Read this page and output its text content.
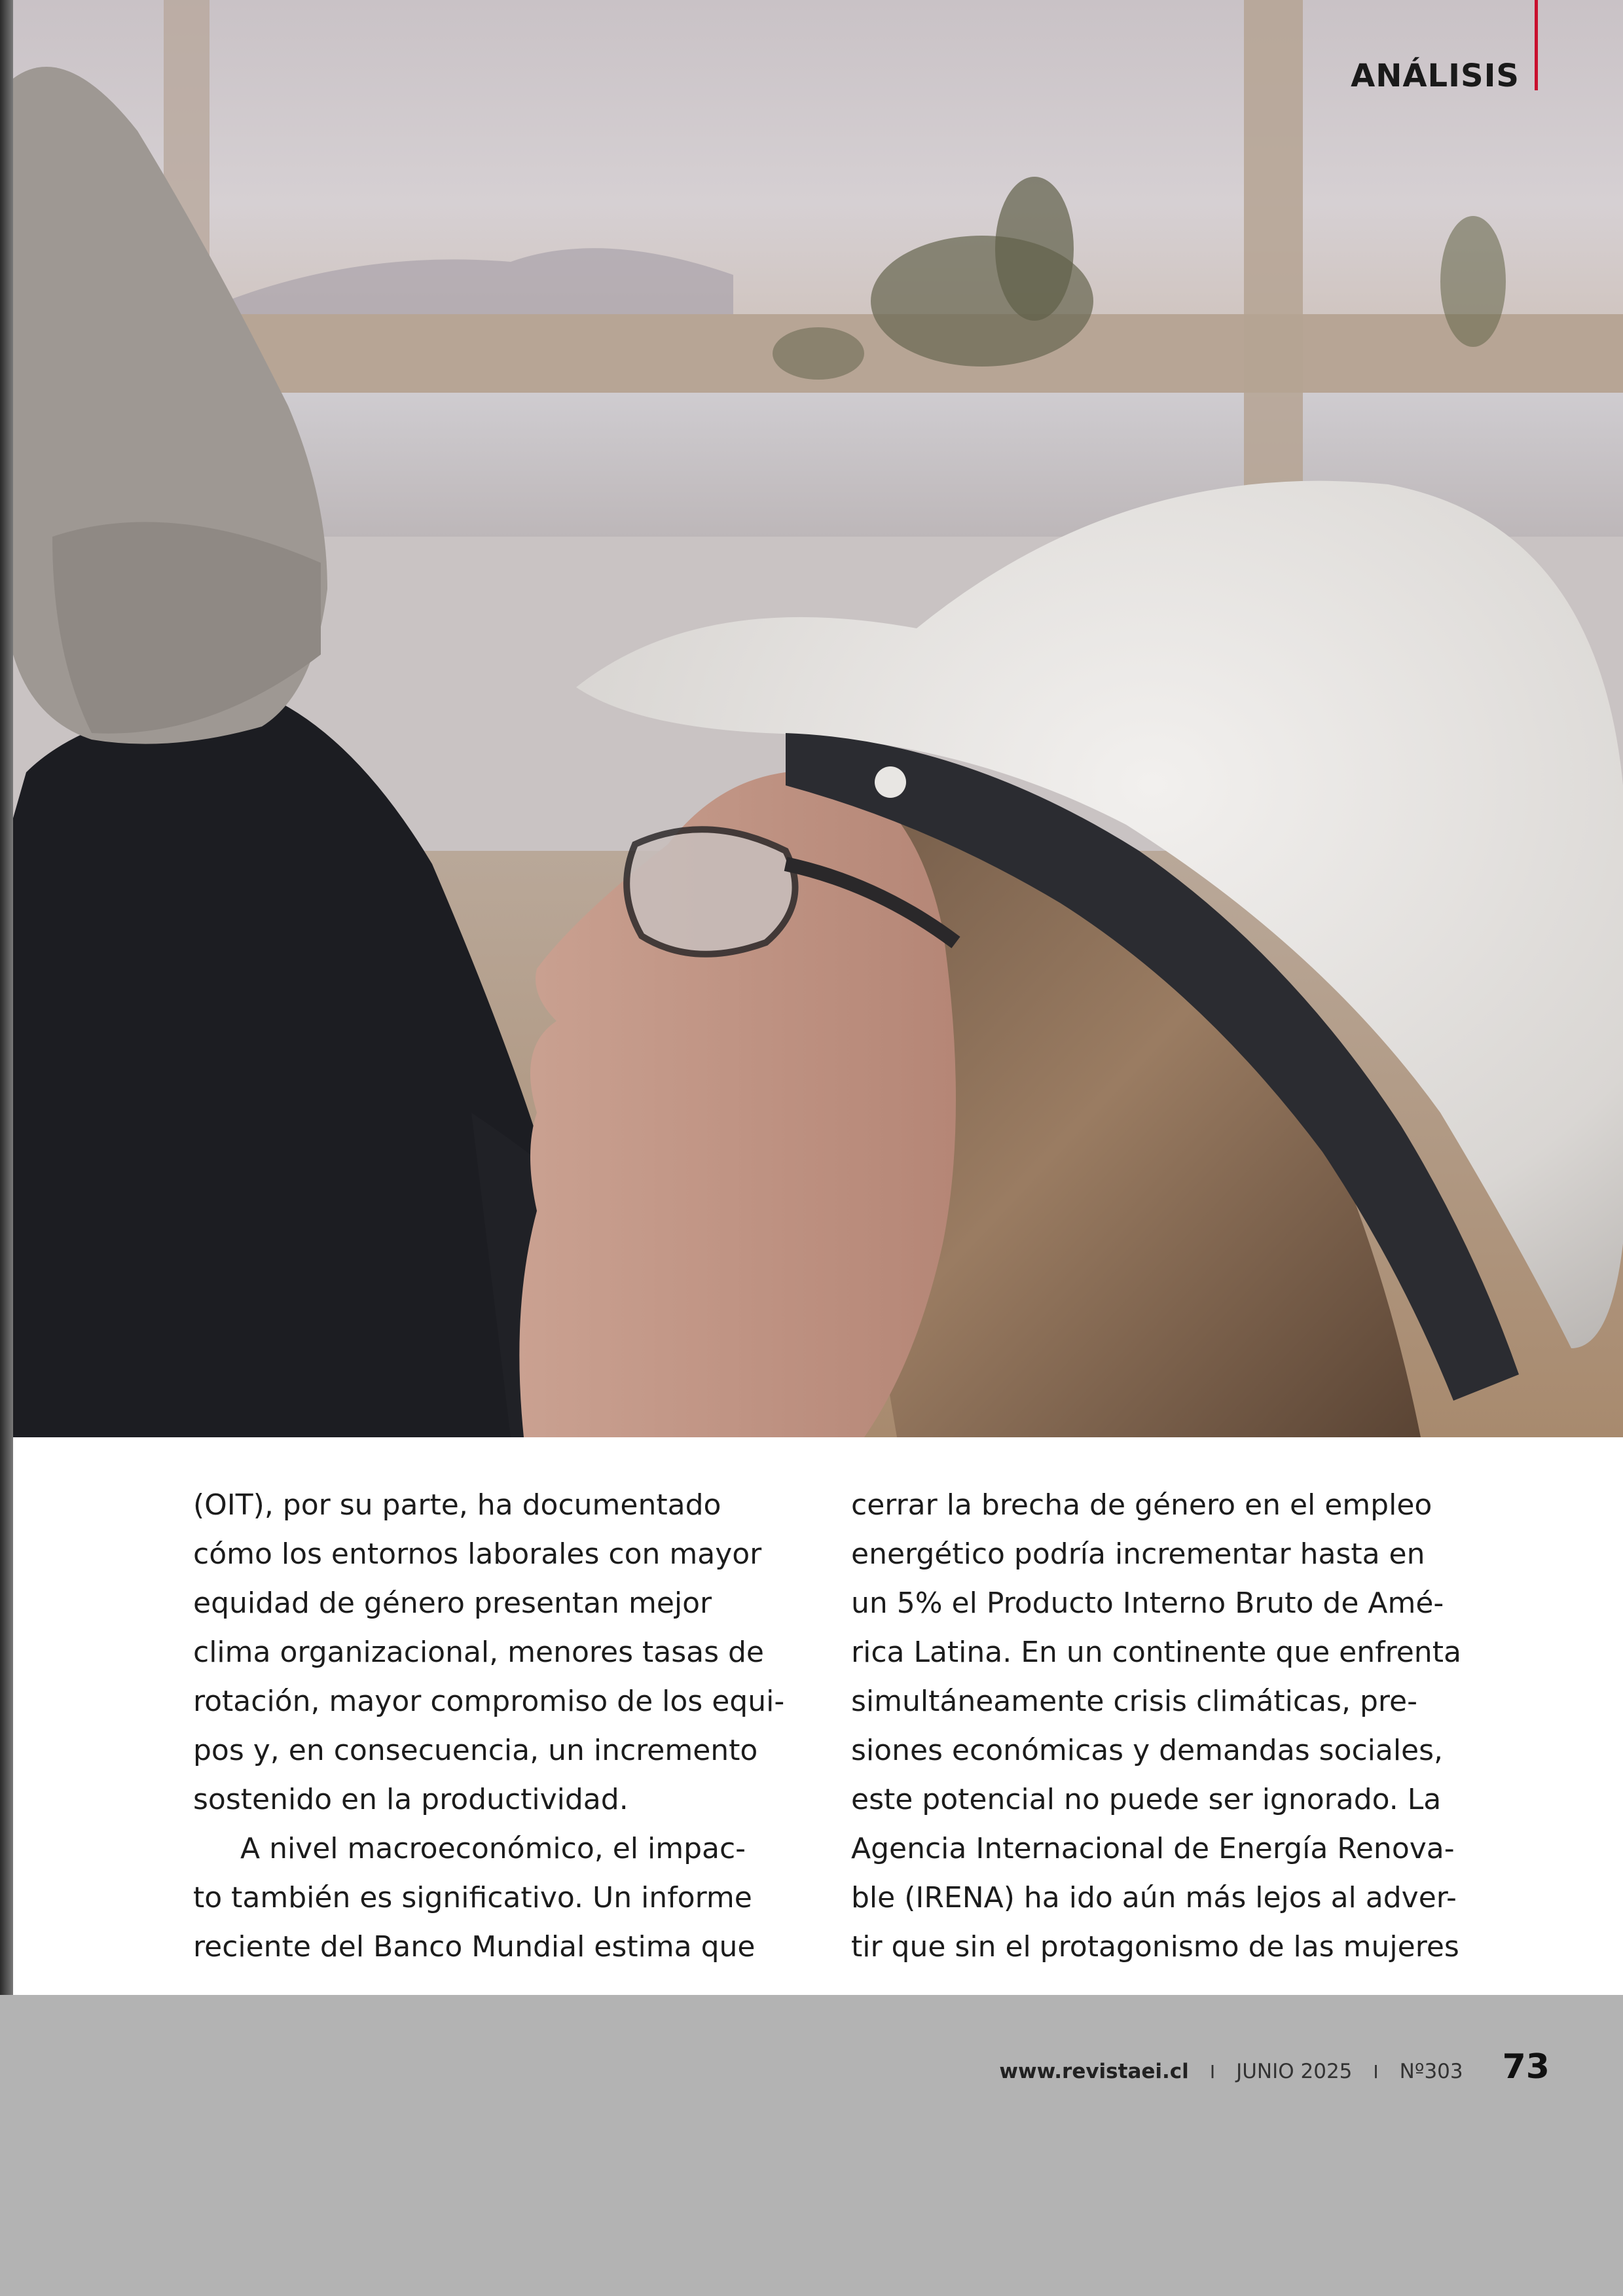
ANÁLISIS
(OIT), por su parte, ha documentado
cómo los entornos laborales con mayor
equidad de género presentan mejor
clima organizacional, menores tasas de
rotación, mayor compromiso de los equi-
pos y, en consecuencia, un incremento
sostenido en la productividad.
A nivel macroeconómico, el impac-
to también es significativo. Un informe
reciente del Banco Mundial estima que
cerrar la brecha de género en el empleo
energético podría incrementar hasta en
un 5% el Producto Interno Bruto de Amé-
rica Latina. En un continente que enfrenta
simultáneamente crisis climáticas, pre-
siones económicas y demandas sociales,
este potencial no puede ser ignorado. La
Agencia Internacional de Energía Renova-
ble (IRENA) ha ido aún más lejos al adver-
tir que sin el protagonismo de las mujeres
www.revistaei.cl I JUNIO 2025 I Nº303 73
